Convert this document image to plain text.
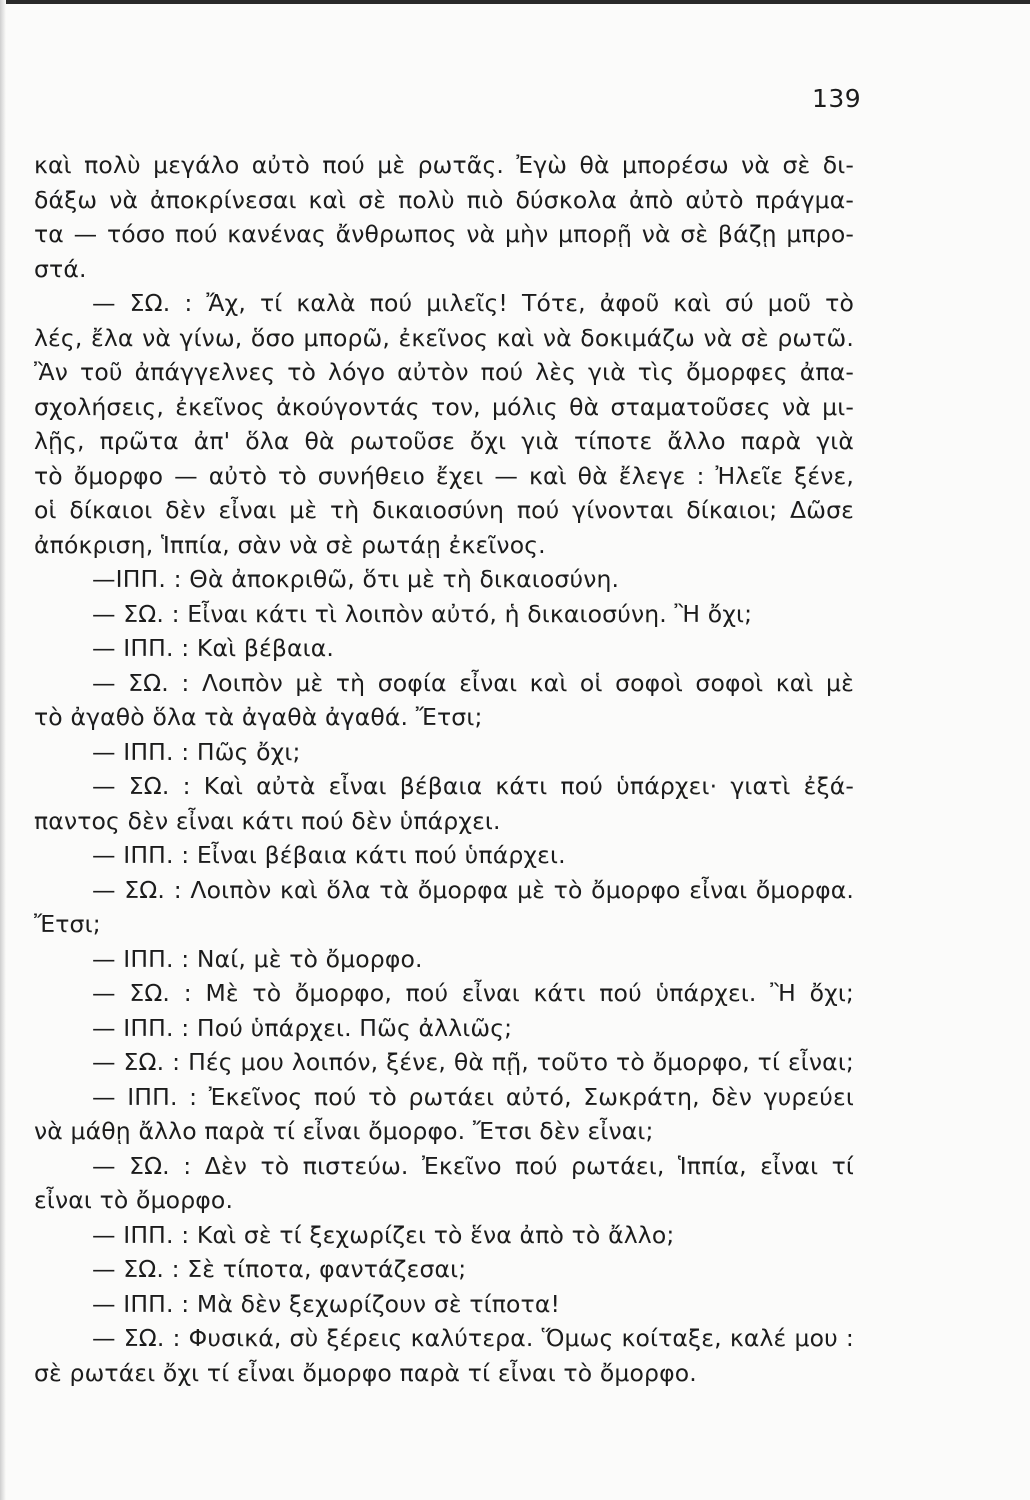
139
καὶ πολὺ μεγάλο αὐτὸ πού μὲ ρωτᾶς. Ἐγὼ θὰ μπορέσω νὰ σὲ δι-
δάξω νὰ ἀποκρίνεσαι καὶ σὲ πολὺ πιὸ δύσκολα ἀπὸ αὐτὸ πράγμα-
τα — τόσο πού κανένας ἄνθρωπος νὰ μὴν μπορῇ νὰ σὲ βάζῃ μπρο-
στά.
— ΣΩ. : Ἄχ, τί καλὰ πού μιλεῖς! Τότε, ἀφοῦ καὶ σύ μοῦ τὸ
λές, ἔλα νὰ γίνω, ὅσο μπορῶ, ἐκεῖνος καὶ νὰ δοκιμάζω νὰ σὲ ρωτῶ.
Ἂν τοῦ ἀπάγγελνες τὸ λόγο αὐτὸν πού λὲς γιὰ τὶς ὄμορφες ἀπα-
σχολήσεις, ἐκεῖνος ἀκούγοντάς τον, μόλις θὰ σταματοῦσες νὰ μι-
λῇς, πρῶτα ἀπ' ὅλα θὰ ρωτοῦσε ὄχι γιὰ τίποτε ἄλλο παρὰ γιὰ
τὸ ὄμορφο — αὐτὸ τὸ συνήθειο ἔχει — καὶ θὰ ἔλεγε : Ἠλεῖε ξένε,
οἱ δίκαιοι δὲν εἶναι μὲ τὴ δικαιοσύνη πού γίνονται δίκαιοι; Δῶσε
ἀπόκριση, Ἱππία, σὰν νὰ σὲ ρωτάῃ ἐκεῖνος.
—ΙΠΠ. : Θὰ ἀποκριθῶ, ὅτι μὲ τὴ δικαιοσύνη.
— ΣΩ. : Εἶναι κάτι τὶ λοιπὸν αὐτό, ἡ δικαιοσύνη. Ἢ ὄχι;
— ΙΠΠ. : Καὶ βέβαια.
— ΣΩ. : Λοιπὸν μὲ τὴ σοφία εἶναι καὶ οἱ σοφοὶ σοφοὶ καὶ μὲ
τὸ ἀγαθὸ ὅλα τὰ ἀγαθὰ ἀγαθά. Ἔτσι;
— ΙΠΠ. : Πῶς ὄχι;
— ΣΩ. : Καὶ αὐτὰ εἶναι βέβαια κάτι πού ὑπάρχει· γιατὶ ἐξά-
παντος δὲν εἶναι κάτι πού δὲν ὑπάρχει.
— ΙΠΠ. : Εἶναι βέβαια κάτι πού ὑπάρχει.
— ΣΩ. : Λοιπὸν καὶ ὅλα τὰ ὄμορφα μὲ τὸ ὄμορφο εἶναι ὄμορφα.
Ἔτσι;
— ΙΠΠ. : Ναί, μὲ τὸ ὄμορφο.
— ΣΩ. : Μὲ τὸ ὄμορφο, πού εἶναι κάτι πού ὑπάρχει. Ἢ ὄχι;
— ΙΠΠ. : Πού ὑπάρχει. Πῶς ἀλλιῶς;
— ΣΩ. : Πές μου λοιπόν, ξένε, θὰ πῇ, τοῦτο τὸ ὄμορφο, τί εἶναι;
— ΙΠΠ. : Ἐκεῖνος πού τὸ ρωτάει αὐτό, Σωκράτη, δὲν γυρεύει
νὰ μάθῃ ἄλλο παρὰ τί εἶναι ὄμορφο. Ἔτσι δὲν εἶναι;
— ΣΩ. : Δὲν τὸ πιστεύω. Ἐκεῖνο πού ρωτάει, Ἱππία, εἶναι τί
εἶναι τὸ ὄμορφο.
— ΙΠΠ. : Καὶ σὲ τί ξεχωρίζει τὸ ἕνα ἀπὸ τὸ ἄλλο;
— ΣΩ. : Σὲ τίποτα, φαντάζεσαι;
— ΙΠΠ. : Μὰ δὲν ξεχωρίζουν σὲ τίποτα!
— ΣΩ. : Φυσικά, σὺ ξέρεις καλύτερα. Ὅμως κοίταξε, καλέ μου :
σὲ ρωτάει ὄχι τί εἶναι ὄμορφο παρὰ τί εἶναι τὸ ὄμορφο.
